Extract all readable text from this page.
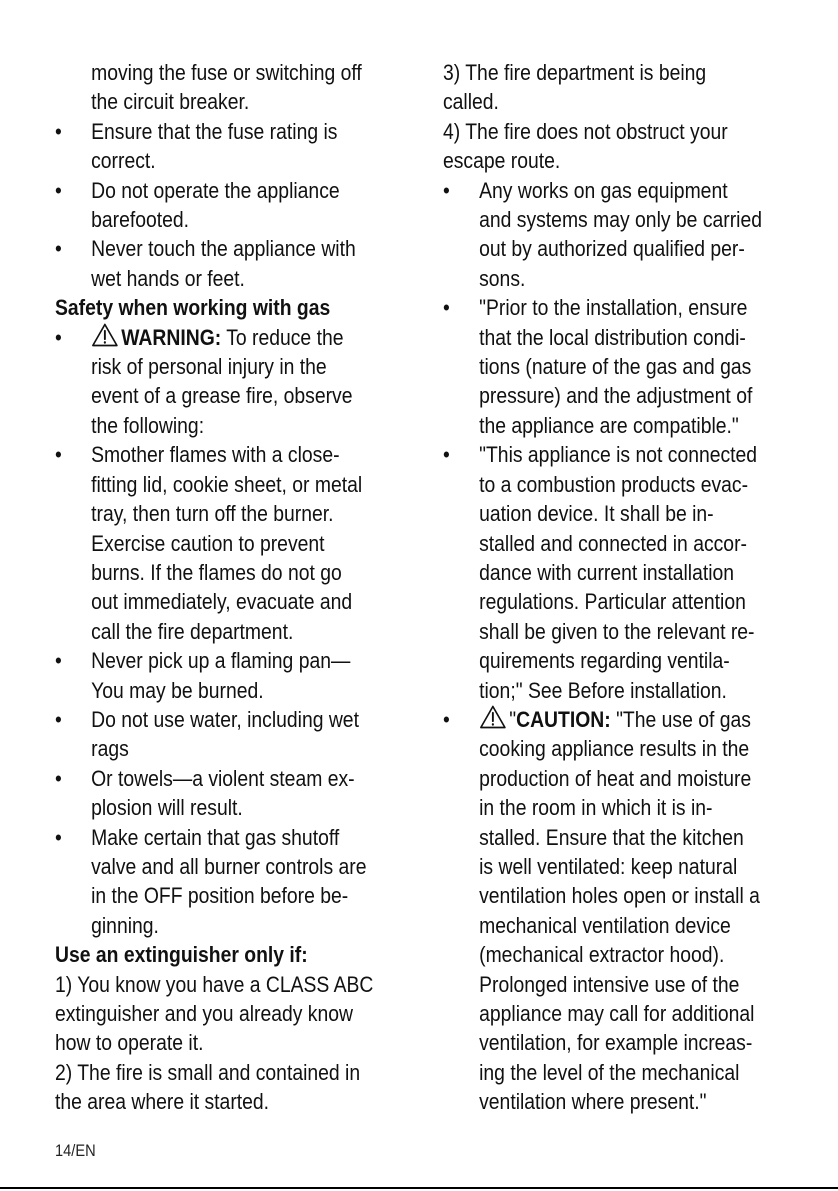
moving the fuse or switching off

the circuit breaker.

•	Ensure that the fuse rating is

correct.

•	Do not operate the appliance

barefooted.

•	Never touch the appliance with

wet hands or feet.

Safety when working with gas

•	WARNING: To reduce the

risk of personal injury in the

event of a grease fire, observe

the following:

•	Smother flames with a close-

fitting lid, cookie sheet, or metal

tray, then turn off the burner.

Exercise caution to prevent

burns. If the flames do not go

out immediately, evacuate and

call the fire department.

•	Never pick up a flaming pan—

You may be burned.

•	Do not use water, including wet

rags

•	Or towels—a violent steam ex-

plosion will result.

•	Make certain that gas shutoff

valve and all burner controls are

in the OFF position before be-

ginning.

Use an extinguisher only if:

1) You know you have a CLASS ABC

extinguisher and you already know

how to operate it.

2) The fire is small and contained in

the area where it started.

3) The fire department is being

called.

4) The fire does not obstruct your

escape route.

•	Any works on gas equipment

and systems may only be carried

out by authorized qualified per-

sons.

•	"Prior to the installation, ensure

that the local distribution condi-

tions (nature of the gas and gas

pressure) and the adjustment of

the appliance are compatible."

•	"This appliance is not connected

to a combustion products evac-

uation device. It shall be in-

stalled and connected in accor-

dance with current installation

regulations. Particular attention

shall be given to the relevant re-

quirements regarding ventila-

tion;" See Before installation.

•	"CAUTION: "The use of gas

cooking appliance results in the

production of heat and moisture

in the room in which it is in-

stalled. Ensure that the kitchen

is well ventilated: keep natural

ventilation holes open or install a

mechanical ventilation device

(mechanical extractor hood).

Prolonged intensive use of the

appliance may call for additional

ventilation, for example increas-

ing the level of the mechanical

ventilation where present."

14/EN
